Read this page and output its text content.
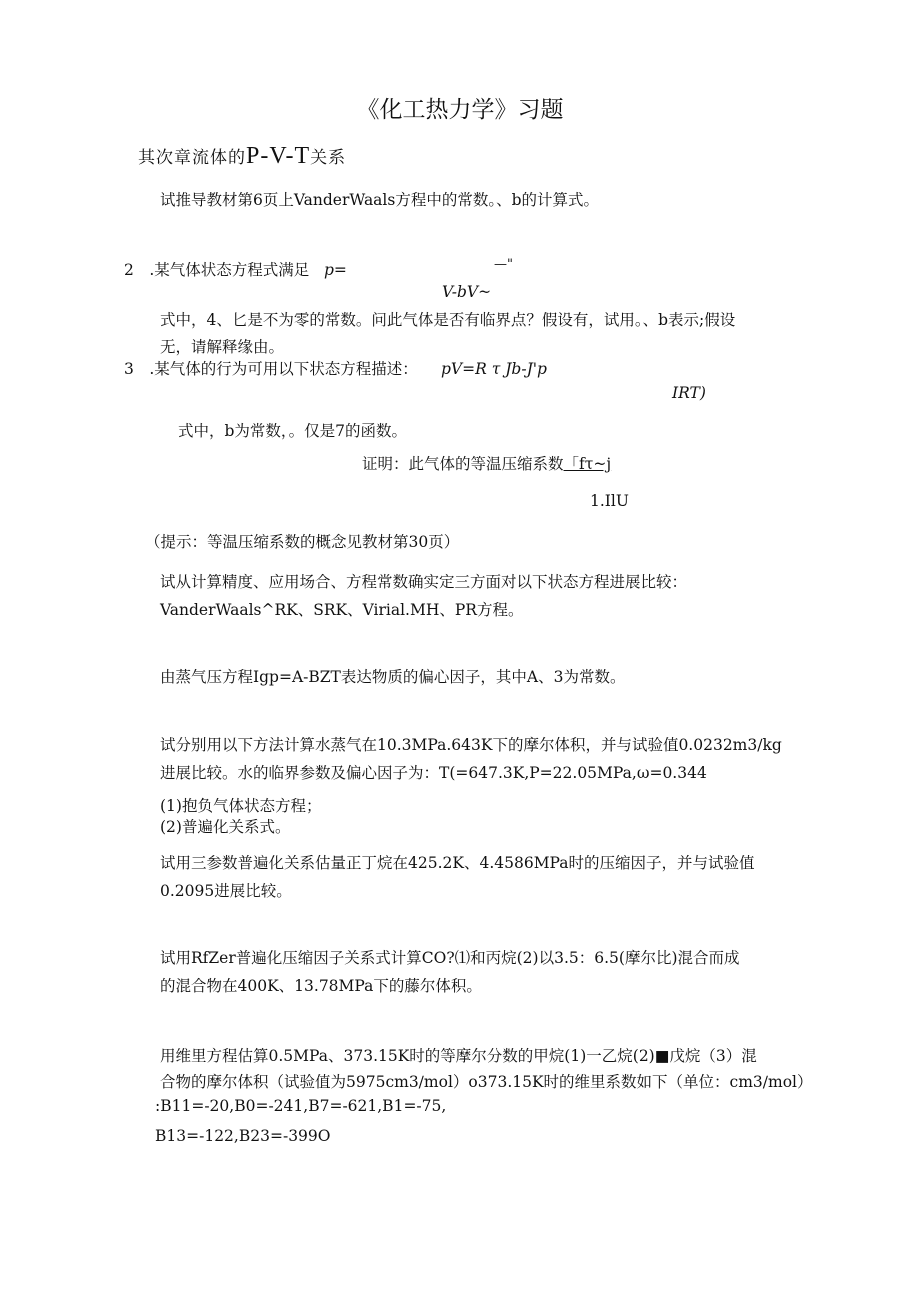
《化工热力学》习题
其次章流体的P-V-T关系
试推导教材第6页上VanderWaals方程中的常数。、b的计算式。
2　.某气体状态方程式满足 p=	—"
V-bV~
式中，4、匕是不为零的常数。问此气体是否有临界点？假设有，试用。、b表示;假设
无，请解释缘由。
3　.某气体的行为可用以下状态方程描述： pV=R τ Jb-J'p
IRT)
式中，b为常数，。仅是7的函数。
证明：此气体的等温压缩系数「fτ~j
1.IlU
（提示：等温压缩系数的概念见教材第30页）
试从计算精度、应用场合、方程常数确实定三方面对以下状态方程进展比较：
VanderWaals^RK、SRK、Virial.MH、PR方程。
由蒸气压方程Igp=A-BZT表达物质的偏心因子，其中A、3为常数。
试分别用以下方法计算水蒸气在10.3MPa.643K下的摩尔体积，并与试验值0.0232m3∕kg
进展比较。水的临界参数及偏心因子为：T(=647.3K,P=22.05MPa,ω=0.344
(1)抱负气体状态方程；
(2)普遍化关系式。
试用三参数普遍化关系估量正丁烷在425.2K、4.4586MPa时的压缩因子，并与试验值
0.2095进展比较。
试用RfZer普遍化压缩因子关系式计算CO?⑴和丙烷(2)以3.5：6.5(摩尔比)混合而成
的混合物在400K、13.78MPa下的藤尔体积。
用维里方程估算0.5MPa、373.15K时的等摩尔分数的甲烷(1)一乙烷(2)■戊烷（3）混
合物的摩尔体积（试验值为5975cm3∕mol）o373.15K时的维里系数如下（单位：cm3∕mol）
:B11=-20,B0=-241,B7=-621,B1=-75,
B13=-122,B23=-399O
